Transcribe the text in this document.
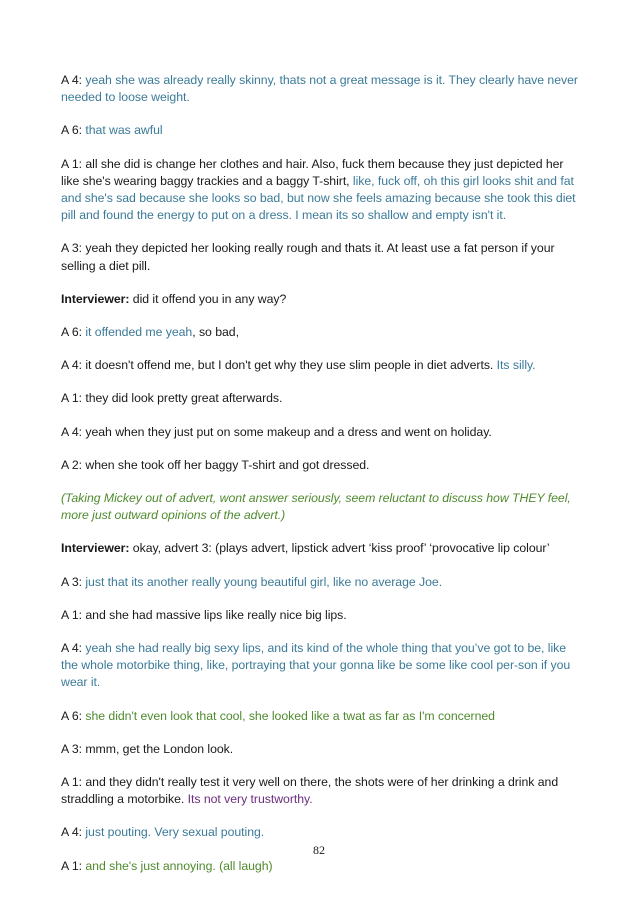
A 4: yeah she was already really skinny, thats not a great message is it. They clearly have never needed to loose weight.

A 6: that was awful

A 1: all she did is change her clothes and hair. Also, fuck them because they just depicted her like she's wearing baggy trackies and a baggy T-shirt, like, fuck off, oh this girl looks shit and fat and she's sad because she looks so bad, but now she feels amazing because she took this diet pill and found the energy to put on a dress. I mean its so shallow and empty isn't it.

A 3: yeah they depicted her looking really rough and thats it. At least use a fat person if your selling a diet pill.

Interviewer: did it offend you in any way?

A 6: it offended me yeah, so bad,

A 4: it doesn't offend me, but I don't get why they use slim people in diet adverts. Its silly.

A 1: they did look pretty great afterwards.

A 4: yeah when they just put on some makeup and a dress and went on holiday.

A 2: when she took off her baggy T-shirt and got dressed.

(Taking Mickey out of advert, wont answer seriously, seem reluctant to discuss how THEY feel, more just outward opinions of the advert.)

Interviewer: okay, advert 3: (plays advert, lipstick advert ‘kiss proof’ ‘provocative lip colour’

A 3: just that its another really young beautiful girl, like no average Joe.

A 1: and she had massive lips like really nice big lips.

A 4: yeah she had really big sexy lips, and its kind of the whole thing that you’ve got to be, like the whole motorbike thing, like, portraying that your gonna like be some like cool per-son if you wear it.

A 6: she didn't even look that cool, she looked like a twat as far as I'm concerned

A 3: mmm, get the London look.

A 1: and they didn't really test it very well on there, the shots were of her drinking a drink and straddling a motorbike. Its not very trustworthy.

A 4: just pouting. Very sexual pouting.

A 1: and she's just annoying. (all laugh)

82
